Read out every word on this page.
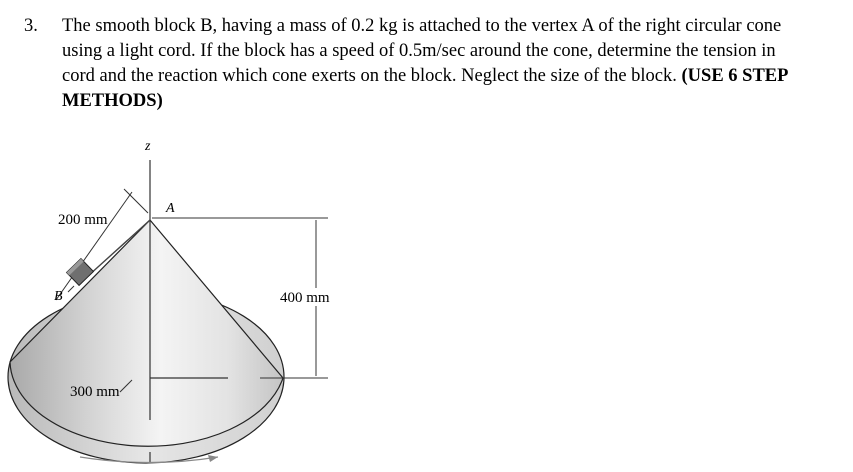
3. The smooth block B, having a mass of 0.2 kg is attached to the vertex A of the right circular cone using a light cord. If the block has a speed of 0.5m/sec around the cone, determine the tension in cord and the reaction which cone exerts on the block. Neglect the size of the block. (USE 6 STEP METHODS)
z
A
B
200 mm
400 mm
300 mm
